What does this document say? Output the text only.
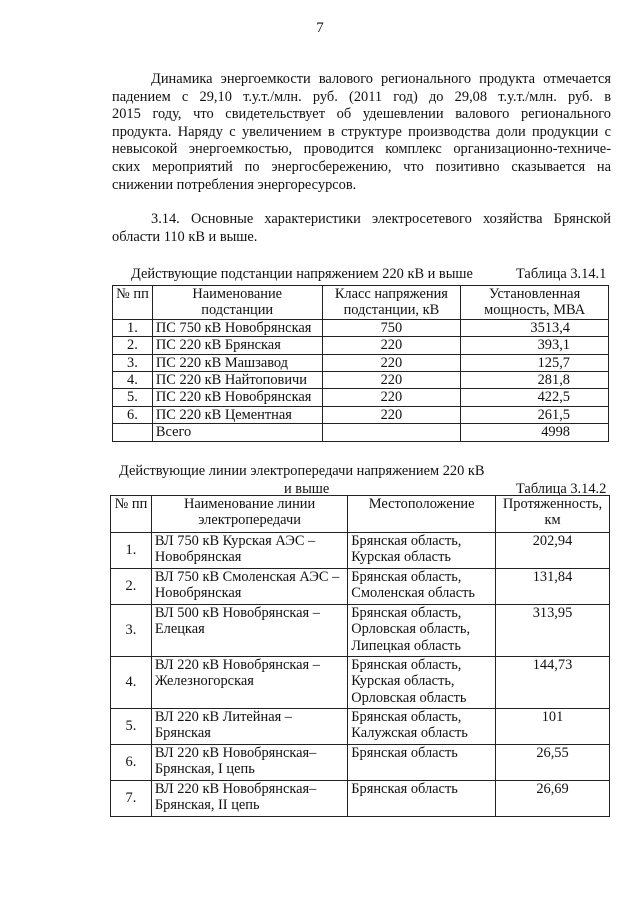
7
Динамика энергоемкости валового регионального продукта отмечается
падением с 29,10 т.у.т./млн. руб. (2011 год) до 29,08 т.у.т./млн. руб. в
2015 году, что свидетельствует об удешевлении валового регионального
продукта. Наряду с увеличением в структуре производства доли продукции с
невысокой энергоемкостью, проводится комплекс организационно-техниче-
ских мероприятий по энергосбережению, что позитивно сказывается на
снижении потребления энергоресурсов.
3.14. Основные характеристики электросетевого хозяйства Брянской
области 110 кВ и выше.
Действующие подстанции напряжением 220 кВ и выше	Таблица 3.14.1
№ пп	Наименование подстанции	Класс напряжения подстанции, кВ	Установленная мощность, МВА
1.	ПС 750 кВ Новобрянская	750	3513,4
2.	ПС 220 кВ Брянская	220	393,1
3.	ПС 220 кВ Машзавод	220	125,7
4.	ПС 220 кВ Найтоповичи	220	281,8
5.	ПС 220 кВ Новобрянская	220	422,5
6.	ПС 220 кВ Цементная	220	261,5
	Всего		4998
Действующие линии электропередачи напряжением 220 кВ
и выше	Таблица 3.14.2
№ пп	Наименование линии электропередачи	Местоположение	Протяженность, км
1.	ВЛ 750 кВ Курская АЭС – Новобрянская	Брянская область, Курская область	202,94
2.	ВЛ 750 кВ Смоленская АЭС – Новобрянская	Брянская область, Смоленская область	131,84
3.	ВЛ 500 кВ Новобрянская – Елецкая	Брянская область, Орловская область, Липецкая область	313,95
4.	ВЛ 220 кВ Новобрянская – Железногорская	Брянская область, Курская область, Орловская область	144,73
5.	ВЛ 220 кВ Литейная – Брянская	Брянская область, Калужская область	101
6.	ВЛ 220 кВ Новобрянская– Брянская, I цепь	Брянская область	26,55
7.	ВЛ 220 кВ Новобрянская– Брянская, II цепь	Брянская область	26,69
